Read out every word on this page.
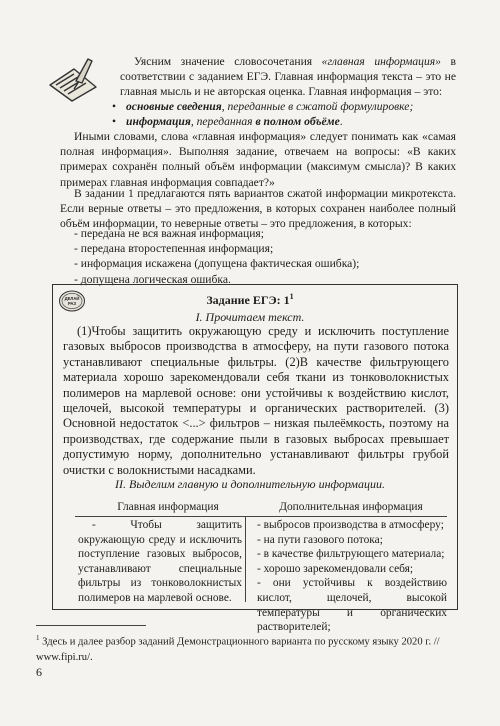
Уясним значение словосочетания «главная информация» в соответствии с заданием ЕГЭ. Главная информация текста – это не главная мысль и не авторская оценка. Главная информация – это:

• основные сведения, переданные в сжатой формулировке;
• информация, переданная в полном объёме.

Иными словами, слова «главная информация» следует понимать как «самая полная информация». Выполняя задание, отвечаем на вопросы: «В каких примерах сохранён полный объём информации (максимум смысла)? В каких примерах главная информация совпадает?»

В задании 1 предлагаются пять вариантов сжатой информации микротекста. Если верные ответы – это предложения, в которых сохранен наиболее полный объём информации, то неверные ответы – это предложения, в которых:

- передана не вся важная информация;
- передана второстепенная информация;
- информация искажена (допущена фактическая ошибка);
- допущена логическая ошибка.
ДЕЛАЙ
РАЗ	Задание ЕГЭ: $1^1$
I. Прочитаем текст.

(1)Чтобы защитить окружающую среду и исключить поступление газовых выбросов производства в атмосферу, на пути газового потока устанавливают специальные фильтры. (2)В качестве фильтрующего материала хорошо зарекомендовали себя ткани из тонковолокнистых полимеров на марлевой основе: они устойчивы к воздействию кислот, щелочей, высокой температуры и органических растворителей. (3) Основной недостаток <...> фильтров – низкая пылеёмкость, поэтому на производствах, где содержание пыли в газовых выбросах превышает допустимую норму, дополнительно устанавливают фильтры грубой очистки с волокнистыми насадками.

II. Выделим главную и дополнительную информации.
Главная информация	Дополнительная информация
- Чтобы защитить окружающую среду и исключить поступление газовых выбросов, устанавливают специальные фильтры из тонковолокнистых полимеров на марлевой основе.
- выбросов производства в атмосферу;
- на пути газового потока;
- в качестве фильтрующего материала;
- хорошо зарекомендовали себя;
- они устойчивы к воздействию кислот, щелочей, высокой температуры и органических растворителей;

$^1$ Здесь и далее разбор заданий Демонстрационного варианта по русскому языку 2020 г. // www.fipi.ru/.

6
